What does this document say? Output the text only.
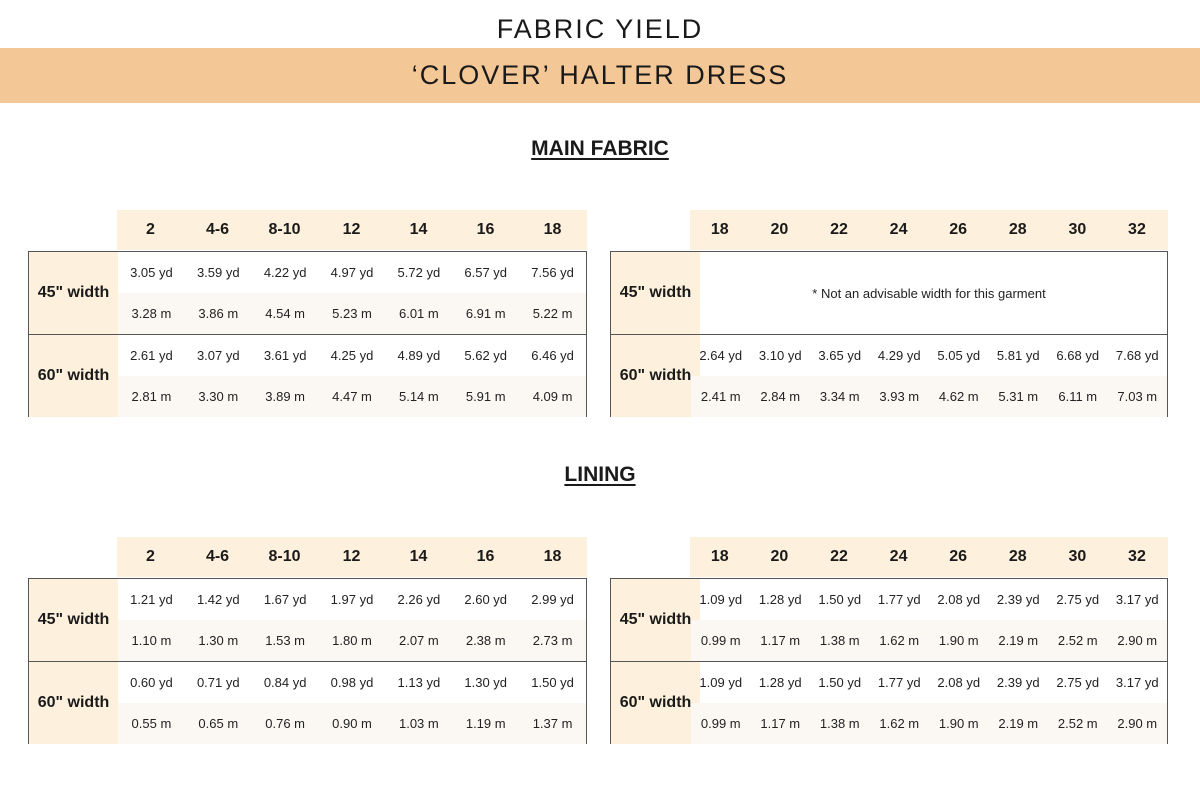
FABRIC YIELD
‘CLOVER’ HALTER DRESS
MAIN FABRIC
LINING
2	4-6	8-10	12	14	16	18
45" width
3.05 yd	3.59 yd	4.22 yd	4.97 yd	5.72 yd	6.57 yd	7.56 yd
3.28 m	3.86 m	4.54 m	5.23 m	6.01 m	6.91 m	5.22 m
60" width
2.61 yd	3.07 yd	3.61 yd	4.25 yd	4.89 yd	5.62 yd	6.46 yd
2.81 m	3.30 m	3.89 m	4.47 m	5.14 m	5.91 m	4.09 m
18	20	22	24	26	28	30	32
45" width	* Not an advisable width for this garment
60" width
2.64 yd	3.10 yd	3.65 yd	4.29 yd	5.05 yd	5.81 yd	6.68 yd	7.68 yd
2.41 m	2.84 m	3.34 m	3.93 m	4.62 m	5.31 m	6.11 m	7.03 m
2	4-6	8-10	12	14	16	18
45" width
1.21 yd	1.42 yd	1.67 yd	1.97 yd	2.26 yd	2.60 yd	2.99 yd
1.10 m	1.30 m	1.53 m	1.80 m	2.07 m	2.38 m	2.73 m
60" width
0.60 yd	0.71 yd	0.84 yd	0.98 yd	1.13 yd	1.30 yd	1.50 yd
0.55 m	0.65 m	0.76 m	0.90 m	1.03 m	1.19 m	1.37 m
18	20	22	24	26	28	30	32
45" width
1.09 yd	1.28 yd	1.50 yd	1.77 yd	2.08 yd	2.39 yd	2.75 yd	3.17 yd
0.99 m	1.17 m	1.38 m	1.62 m	1.90 m	2.19 m	2.52 m	2.90 m
60" width
1.09 yd	1.28 yd	1.50 yd	1.77 yd	2.08 yd	2.39 yd	2.75 yd	3.17 yd
0.99 m	1.17 m	1.38 m	1.62 m	1.90 m	2.19 m	2.52 m	2.90 m
